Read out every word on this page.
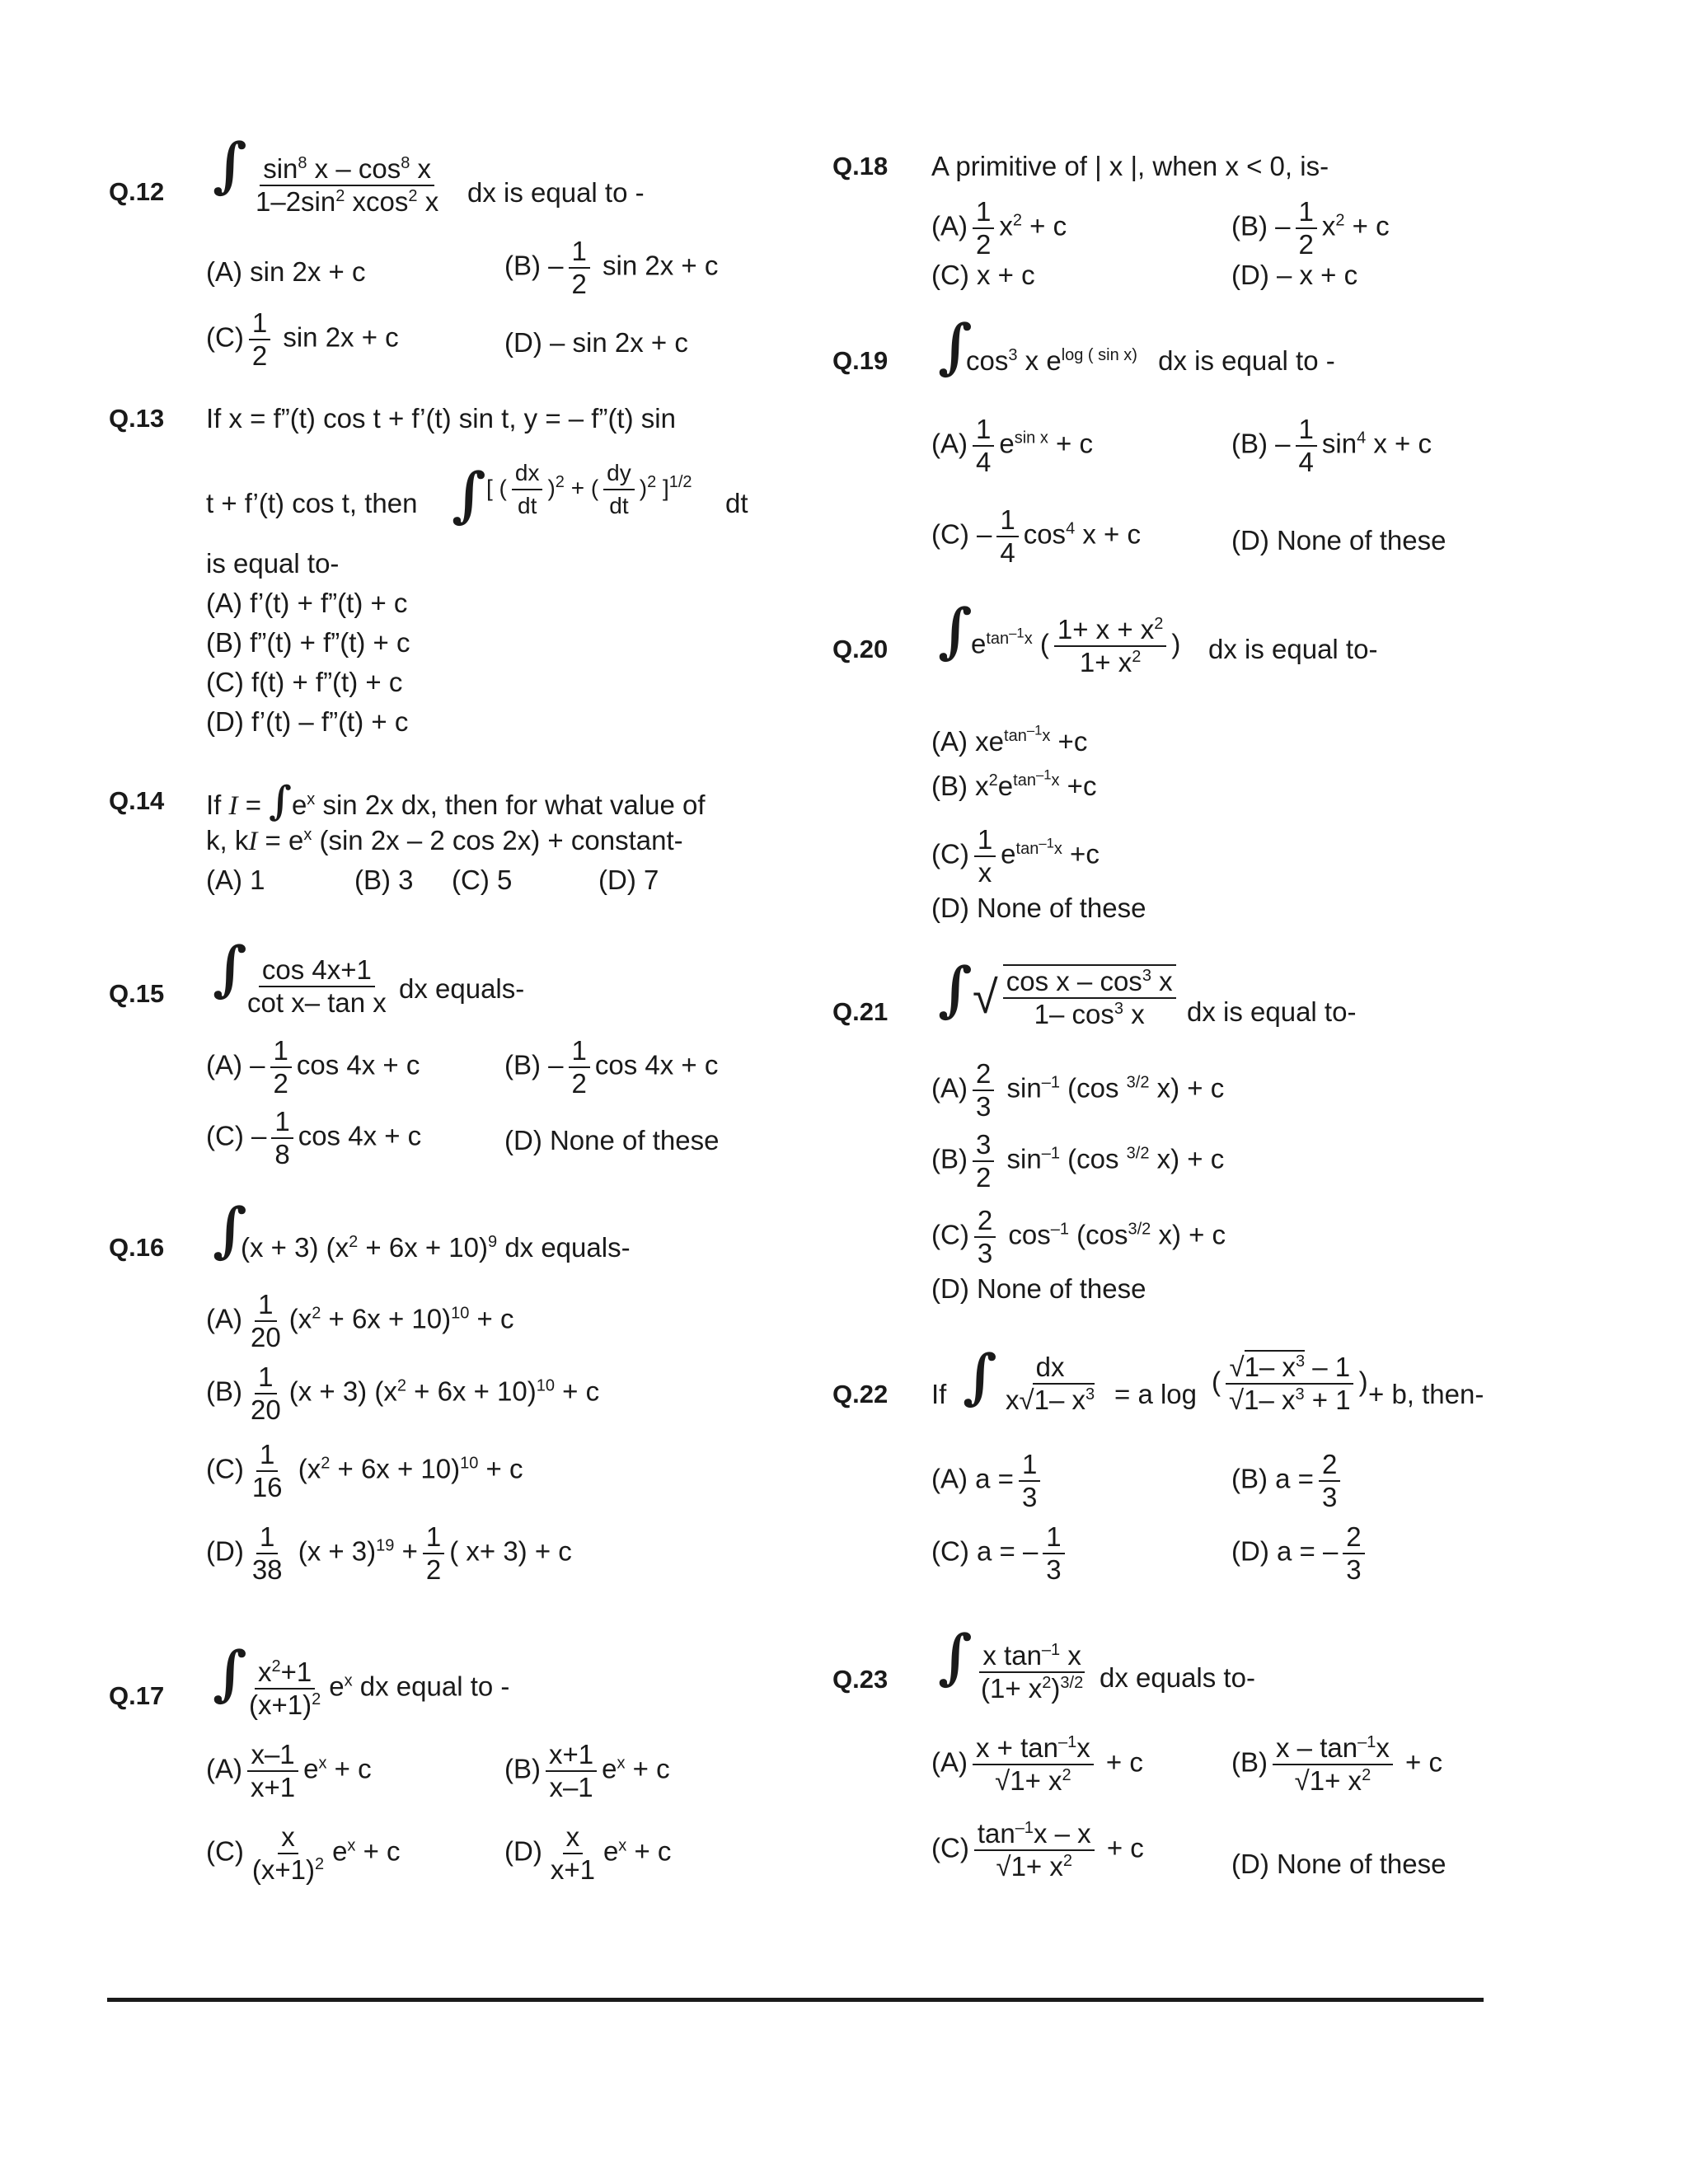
Q.12 ∫ $\frac{\sin^8 x - \cos^8 x}{1-2\sin^2 xcos^2 x}$ dx is equal to -
(A) sin 2x + c	$(B) - \frac{1}{2}$ sin 2x + c
$(C) \frac{1}{2}$ sin 2x + c	(D) – sin 2x + c
Q.13 If x = f”(t) cos t + f’(t) sin t, y = – f”(t) sin
t + f’(t) cos t, then ∫ [ ( $\frac{dx}{dt} )^2$ + ( $\frac{dy}{dt} )^2$ ]$^{1/2}$
dt
is equal to-
(A) f’(t) + f”(t) + c
(B) f”(t) + f”(t) + c
(C) f(t) + f”(t) + c
(D) f’(t) – f”(t) + c
Q.14 If $I = \int e^x$ sin 2x dx, then for what value of
k, kI = $e^x$ (sin 2x – 2 cos 2x) + constant-
(A) 1	(B) 3 (C) 5	(D) 7
Q.15 ∫
$\frac{\cos 4x+1}{\text{cot x– tan x}}$ dx equals-
$(A) - \frac{1}{2}$ cos 4x + c	$(B) - \frac{1}{2}$ cos 4x + c
$(C) - \frac{1}{8}$ cos 4x + c	(D) None of these
Q.16 ∫
(x + 3) $(x^2 + 6x + 10)^9$ dx equals-
$(A) \frac{1}{20} (x^2 + 6x + 10)^{10} + c$
$(B) \frac{1}{20} (x + 3) (x^2 + 6x + 10)^{10} + c$
$(C) \frac{1}{16} (x^2 + 6x + 10)^{10} + c$
$(D) \frac{1}{38} (x + 3)^{19} + \frac{1}{2}$ ( x+ 3) + c
Q.17 ∫
$\frac{x^2+1}{(x+1)^2} e^x$ dx equal to -
$(A) \frac{x-1}{x+1} e^x + c$	$(B) \frac{x+1}{x-1} e^x + c$
$(C) \frac{x}{(x+1)^2} e^x + c$	$(D) \frac{x}{x+1} e^x + c$
Q.18 A primitive of | x |, when x < 0, is-
$(A) \frac{1}{2} x^2 + c$	$(B) - \frac{1}{2} x^2 + c$
(C) x + c	(D) – x + c
Q.19 ∫
$\cos^3 x$ $e^{log ( sin x)}$ dx is equal to -
$(A) \frac{1}{4} e^{sin x} + c$	$(B) - \frac{1}{4} \sin^4 x + c$
$(C) - \frac{1}{4} \cos^4 x + c$	(D) None of these
Q.20 ∫
$e^{tan^{-1}x}$ ( $\frac{1+ x + x^2}{1+ x^2}$ ) dx is equal to-
(A) $xe^{tan^{-1}x} +c$
(B) $x^2e^{tan^{-1}x} +c$
$(C) \frac{1}{x} e^{tan^{-1}x} +c$
(D) None of these
Q.21 ∫ √ $\frac{\cos x - \cos^3 x}{1- \cos^3 x}$ dx is equal to-
$(A) \frac{2}{3} \sin^{-1} (\cos$ $^{3/2}$ x) + c
$(B) \frac{3}{2} \sin^{-1} (\cos$ $^{3/2}$ x) + c
$(C) \frac{2}{3} \cos^{-1} (\cos^{3/2}$ x) + c
(D) None of these
Q.22 If ∫ $\frac{dx}{x√1- x^3} = a$ log ( $\frac{√1- x^3 - 1}{√1- x^3 + 1}$ ) + b, then-
(A) $a = \frac{1}{3}$	(B) $a = \frac{2}{3}$
(C) a = – $\frac{1}{3}$	(D) a = – $\frac{2}{3}$
Q.23 ∫ $\frac{x \tan^{-1} x}{(1+ x^2)^{3/2}}$ dx equals to-
$(A) \frac{x + \tan^{-1}x}{√1+ x^2} + c$	$(B) \frac{x - \tan^{-1}x}{√1+ x^2} + c$
$(C) \frac{\tan^{-1}x - x}{√1+ x^2} + c$
(D) None of these
